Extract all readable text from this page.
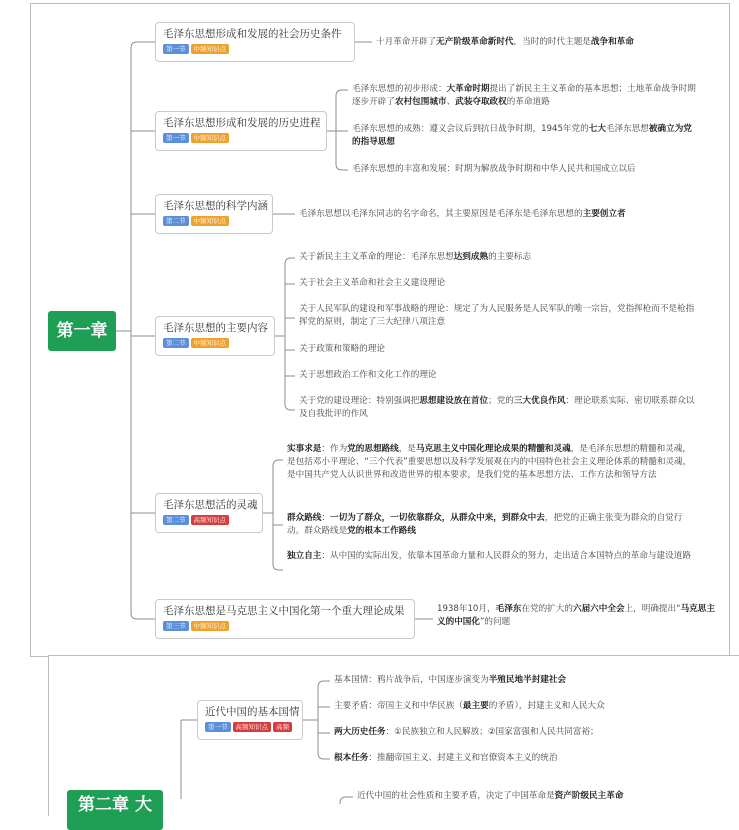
第一章
毛泽东思想形成和发展的社会历史条件
第一节	中频知识点
毛泽东思想形成和发展的历史进程
第一节	中频知识点
毛泽东思想的科学内涵
第二节	中频知识点
毛泽东思想的主要内容
第二节	中频知识点
毛泽东思想活的灵魂
第二节	高频知识点
毛泽东思想是马克思主义中国化第一个重大理论成果
第三节	中频知识点
十月革命开辟了无产阶级革命新时代，当时的时代主题是战争和革命
毛泽东思想的初步形成：大革命时期提出了新民主主义革命的基本思想；土地革命战争时期逐步开辟了农村包围城市、武装夺取政权的革命道路
毛泽东思想的成熟：遵义会议后到抗日战争时期，1945年党的七大毛泽东思想被确立为党的指导思想
毛泽东思想的丰富和发展：时期为解放战争时期和中华人民共和国成立以后
毛泽东思想以毛泽东同志的名字命名，其主要原因是毛泽东是毛泽东思想的主要创立者
关于新民主主义革命的理论：毛泽东思想达到成熟的主要标志
关于社会主义革命和社会主义建设理论
关于人民军队的建设和军事战略的理论：规定了为人民服务是人民军队的唯一宗旨，党指挥枪而不是枪指挥党的原则，制定了三大纪律八项注意
关于政策和策略的理论
关于思想政治工作和文化工作的理论
关于党的建设理论：特别强调把思想建设放在首位；党的三大优良作风：理论联系实际、密切联系群众以及自我批评的作风
实事求是：作为党的思想路线，是马克思主义中国化理论成果的精髓和灵魂，是毛泽东思想的精髓和灵魂，是包括邓小平理论、“三个代表”重要思想以及科学发展观在内的中国特色社会主义理论体系的精髓和灵魂，是中国共产党人认识世界和改造世界的根本要求，是我们党的基本思想方法、工作方法和领导方法
群众路线：一切为了群众，一切依靠群众，从群众中来，到群众中去，把党的正确主张变为群众的自觉行动。群众路线是党的根本工作路线
独立自主：从中国的实际出发，依靠本国革命力量和人民群众的努力，走出适合本国特点的革命与建设道路
1938年10月，毛泽东在党的扩大的六届六中全会上，明确提出“马克思主义的中国化”的问题
第二章 大
近代中国的基本国情
第一节	高频知识点	高频
基本国情：鸦片战争后，中国逐步演变为半殖民地半封建社会
主要矛盾：帝国主义和中华民族（最主要的矛盾），封建主义和人民大众
两大历史任务：①民族独立和人民解放；②国家富强和人民共同富裕；
根本任务：推翻帝国主义、封建主义和官僚资本主义的统治
近代中国的社会性质和主要矛盾，决定了中国革命是资产阶级民主革命
